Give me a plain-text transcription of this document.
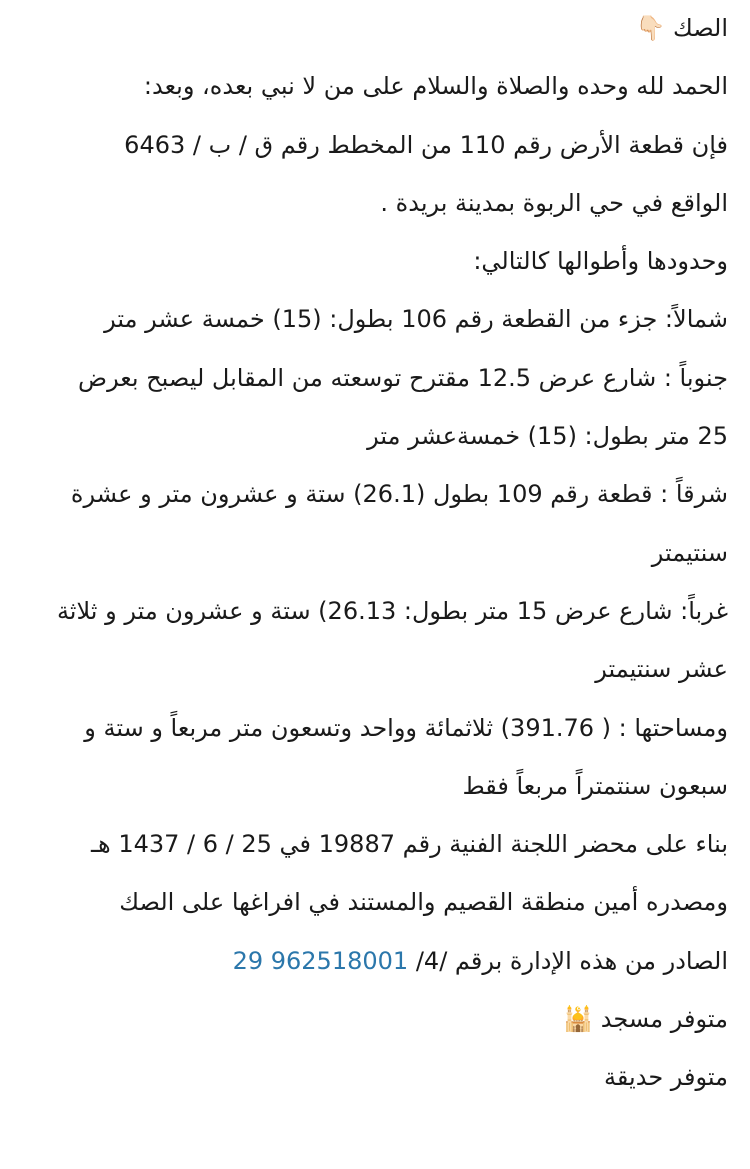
الصك 👇🏻
الحمد لله وحده والصلاة والسلام على من لا نبي بعده، وبعد:
فإن قطعة الأرض رقم 110 من المخطط رقم ق / ب / 6463
الواقع في حي الربوة بمدينة بريدة .
وحدودها وأطوالها كالتالي:
شمالاً: جزء من القطعة رقم 106 بطول: (15) خمسة عشر متر
جنوباً : شارع عرض 12.5 مقترح توسعته من المقابل ليصبح بعرض
25 متر بطول: (15) خمسةعشر متر
شرقاً : قطعة رقم 109 بطول (26.1) ستة و عشرون متر و عشرة
سنتيمتر
غرباً: شارع عرض 15 متر بطول: 26.13) ستة و عشرون متر و ثلاثة
عشر سنتيمتر
ومساحتها : ( 391.76) ثلاثمائة وواحد وتسعون متر مربعاً و ستة و
سبعون سنتمتراً مربعاً فقط
بناء على محضر اللجنة الفنية رقم 19887 في 25 / 6 / 1437 هـ
ومصدره أمين منطقة القصيم والمستند في افراغها على الصك
الصادر من هذه الإدارة برقم /4/ 29 962518001
متوفر مسجد 🕌
متوفر حديقة
